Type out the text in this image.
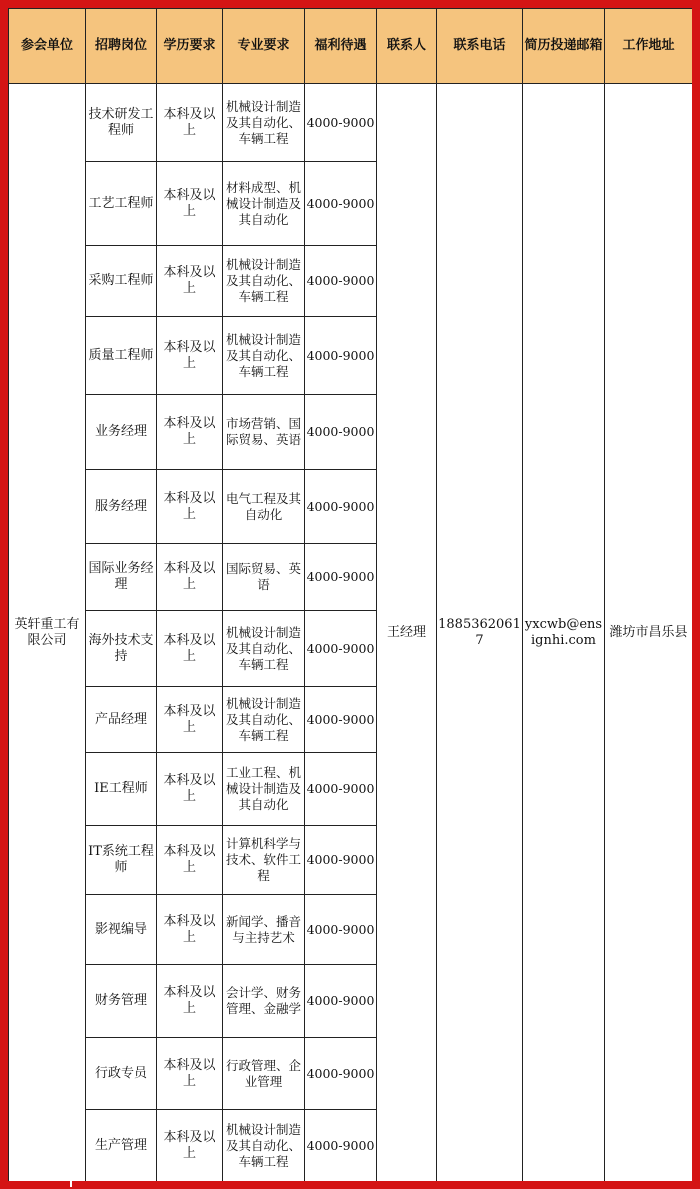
参会单位	招聘岗位	学历要求	专业要求	福利待遇	联系人	联系电话	简历投递邮箱	工作地址
英轩重工有限公司	技术研发工程师	本科及以上	机械设计制造及其自动化、车辆工程	4000-9000	王经理	18853620617	yxcwb@ensignhi.com	潍坊市昌乐县
	工艺工程师	本科及以上	材料成型、机械设计制造及其自动化	4000-9000				
	采购工程师	本科及以上	机械设计制造及其自动化、车辆工程	4000-9000				
	质量工程师	本科及以上	机械设计制造及其自动化、车辆工程	4000-9000				
	业务经理	本科及以上	市场营销、国际贸易、英语	4000-9000				
	服务经理	本科及以上	电气工程及其自动化	4000-9000				
	国际业务经理	本科及以上	国际贸易、英语	4000-9000				
	海外技术支持	本科及以上	机械设计制造及其自动化、车辆工程	4000-9000				
	产品经理	本科及以上	机械设计制造及其自动化、车辆工程	4000-9000				
	IE工程师	本科及以上	工业工程、机械设计制造及其自动化	4000-9000				
	IT系统工程师	本科及以上	计算机科学与技术、软件工程	4000-9000				
	影视编导	本科及以上	新闻学、播音与主持艺术	4000-9000				
	财务管理	本科及以上	会计学、财务管理、金融学	4000-9000				
	行政专员	本科及以上	行政管理、企业管理	4000-9000				
	生产管理	本科及以上	机械设计制造及其自动化、车辆工程	4000-9000				
